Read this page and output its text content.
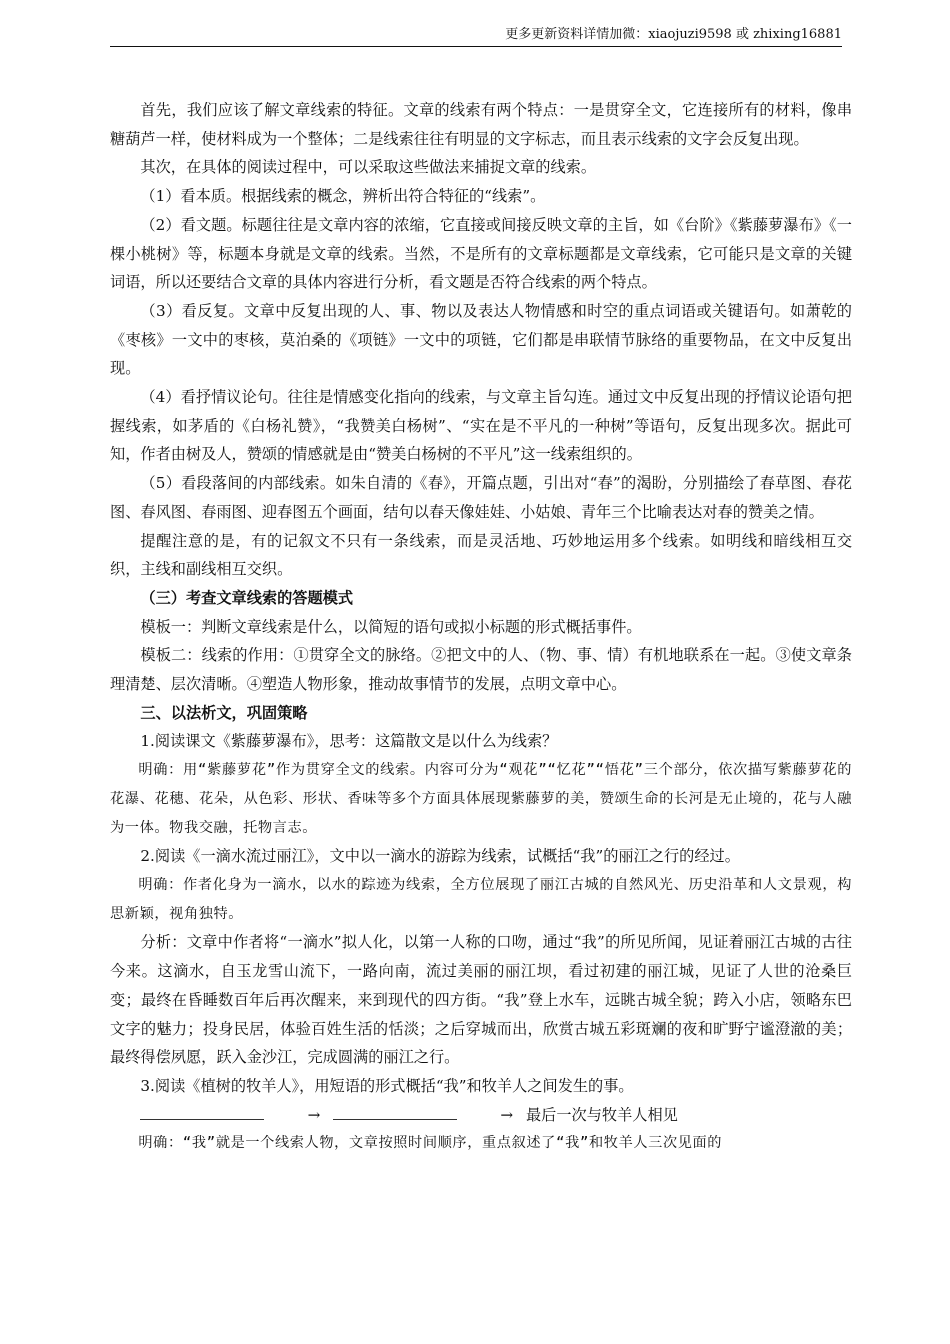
更多更新资料详情加微：xiaojuzi9598 或 zhixing16881

首先，我们应该了解文章线索的特征。文章的线索有两个特点：一是贯穿全文，它连接所有的材料，像串糖葫芦一样，使材料成为一个整体；二是线索往往有明显的文字标志，而且表示线索的文字会反复出现。

其次，在具体的阅读过程中，可以采取这些做法来捕捉文章的线索。

（1）看本质。根据线索的概念，辨析出符合特征的“线索”。

（2）看文题。标题往往是文章内容的浓缩，它直接或间接反映文章的主旨，如《台阶》《紫藤萝瀑布》《一棵小桃树》等，标题本身就是文章的线索。当然，不是所有的文章标题都是文章线索，它可能只是文章的关键词语，所以还要结合文章的具体内容进行分析，看文题是否符合线索的两个特点。

（3）看反复。文章中反复出现的人、事、物以及表达人物情感和时空的重点词语或关键语句。如萧乾的《枣核》一文中的枣核，莫泊桑的《项链》一文中的项链，它们都是串联情节脉络的重要物品，在文中反复出现。

（4）看抒情议论句。往往是情感变化指向的线索，与文章主旨勾连。通过文中反复出现的抒情议论语句把握线索，如茅盾的《白杨礼赞》，“我赞美白杨树”、“实在是不平凡的一种树”等语句，反复出现多次。据此可知，作者由树及人，赞颂的情感就是由“赞美白杨树的不平凡”这一线索组织的。

（5）看段落间的内部线索。如朱自清的《春》，开篇点题，引出对“春”的渴盼，分别描绘了春草图、春花图、春风图、春雨图、迎春图五个画面，结句以春天像娃娃、小姑娘、青年三个比喻表达对春的赞美之情。

提醒注意的是，有的记叙文不只有一条线索，而是灵活地、巧妙地运用多个线索。如明线和暗线相互交织，主线和副线相互交织。

（三）考查文章线索的答题模式

模板一：判断文章线索是什么，以简短的语句或拟小标题的形式概括事件。

模板二：线索的作用：①贯穿全文的脉络。②把文中的人、（物、事、情）有机地联系在一起。③使文章条理清楚、层次清晰。④塑造人物形象，推动故事情节的发展，点明文章中心。

三、以法析文，巩固策略

1.阅读课文《紫藤萝瀑布》，思考：这篇散文是以什么为线索？

明确：用“紫藤萝花”作为贯穿全文的线索。内容可分为“观花”“忆花”“悟花”三个部分，依次描写紫藤萝花的花瀑、花穗、花朵，从色彩、形状、香味等多个方面具体展现紫藤萝的美，赞颂生命的长河是无止境的，花与人融为一体。物我交融，托物言志。

2.阅读《一滴水流过丽江》，文中以一滴水的游踪为线索，试概括“我”的丽江之行的经过。

明确：作者化身为一滴水，以水的踪迹为线索，全方位展现了丽江古城的自然风光、历史沿革和人文景观，构思新颖，视角独特。

分析：文章中作者将“一滴水”拟人化，以第一人称的口吻，通过“我”的所见所闻，见证着丽江古城的古往今来。这滴水，自玉龙雪山流下，一路向南，流过美丽的丽江坝，看过初建的丽江城，见证了人世的沧桑巨变；最终在昏睡数百年后再次醒来，来到现代的四方街。“我”登上水车，远眺古城全貌；跨入小店，领略东巴文字的魅力；投身民居，体验百姓生活的恬淡；之后穿城而出，欣赏古城五彩斑斓的夜和旷野宁谧澄澈的美；最终得偿夙愿，跃入金沙江，完成圆满的丽江之行。

3.阅读《植树的牧羊人》，用短语的形式概括“我”和牧羊人之间发生的事。

→	→ 最后一次与牧羊人相见

明确：“我”就是一个线索人物，文章按照时间顺序，重点叙述了“我”和牧羊人三次见面的
